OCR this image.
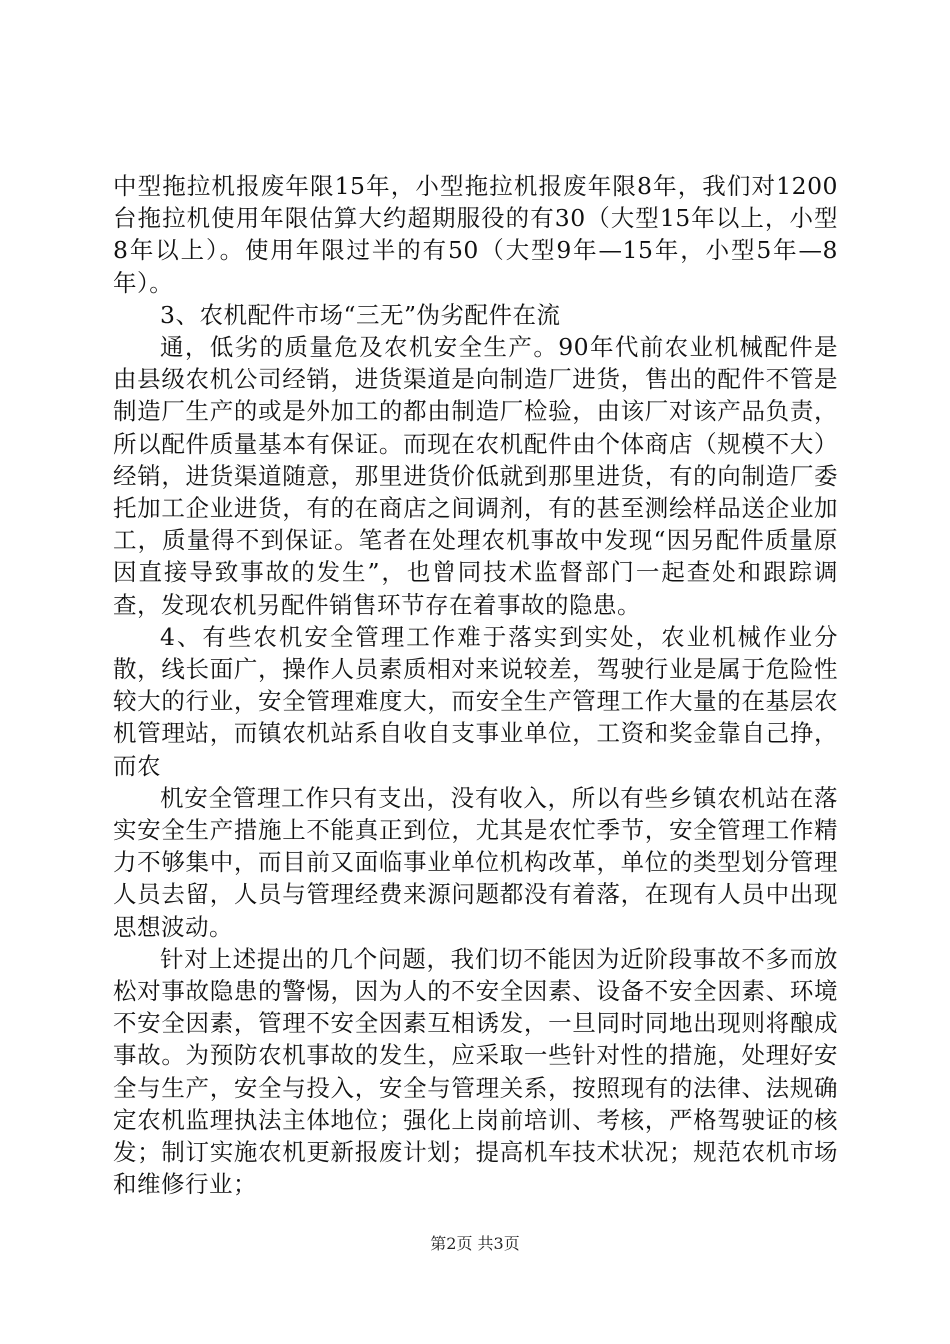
中型拖拉机报废年限15年，小型拖拉机报废年限8年，我们对1200台拖拉机使用年限估算大约超期服役的有30（大型15年以上，小型8年以上）。使用年限过半的有50（大型9年—15年，小型5年—8年）。

3、农机配件市场“三无”伪劣配件在流

通，低劣的质量危及农机安全生产。90年代前农业机械配件是由县级农机公司经销，进货渠道是向制造厂进货，售出的配件不管是制造厂生产的或是外加工的都由制造厂检验，由该厂对该产品负责，所以配件质量基本有保证。而现在农机配件由个体商店（规模不大）经销，进货渠道随意，那里进货价低就到那里进货，有的向制造厂委托加工企业进货，有的在商店之间调剂，有的甚至测绘样品送企业加工，质量得不到保证。笔者在处理农机事故中发现“因另配件质量原因直接导致事故的发生”，也曾同技术监督部门一起查处和跟踪调查，发现农机另配件销售环节存在着事故的隐患。

4、有些农机安全管理工作难于落实到实处，农业机械作业分散，线长面广，操作人员素质相对来说较差，驾驶行业是属于危险性较大的行业，安全管理难度大，而安全生产管理工作大量的在基层农机管理站，而镇农机站系自收自支事业单位，工资和奖金靠自己挣，而农

机安全管理工作只有支出，没有收入，所以有些乡镇农机站在落实安全生产措施上不能真正到位，尤其是农忙季节，安全管理工作精力不够集中，而目前又面临事业单位机构改革，单位的类型划分管理人员去留，人员与管理经费来源问题都没有着落，在现有人员中出现思想波动。

针对上述提出的几个问题，我们切不能因为近阶段事故不多而放松对事故隐患的警惕，因为人的不安全因素、设备不安全因素、环境不安全因素，管理不安全因素互相诱发，一旦同时同地出现则将酿成事故。为预防农机事故的发生，应采取一些针对性的措施，处理好安全与生产，安全与投入，安全与管理关系，按照现有的法律、法规确定农机监理执法主体地位；强化上岗前培训、考核，严格驾驶证的核发；制订实施农机更新报废计划；提高机车技术状况；规范农机市场和维修行业；

第2页 共3页
